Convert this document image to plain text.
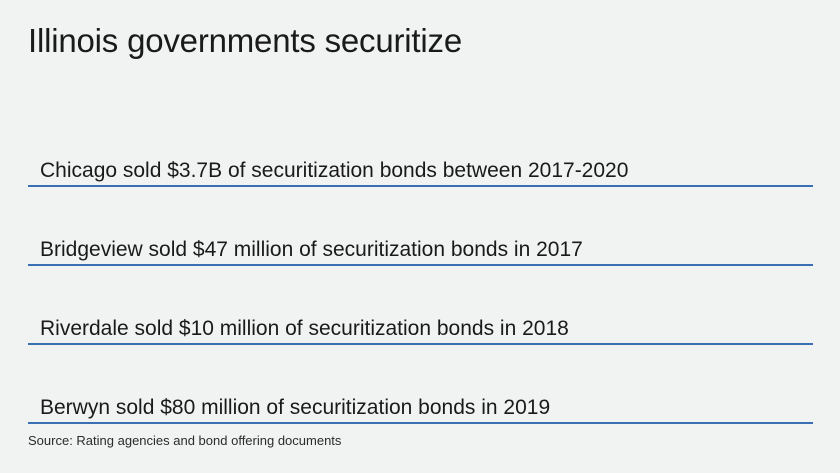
Illinois governments securitize
Chicago sold $3.7B of securitization bonds between 2017-2020
Bridgeview sold $47 million of securitization bonds in 2017
Riverdale sold $10 million of securitization bonds in 2018
Berwyn sold $80 million of securitization bonds in 2019
Source: Rating agencies and bond offering documents
